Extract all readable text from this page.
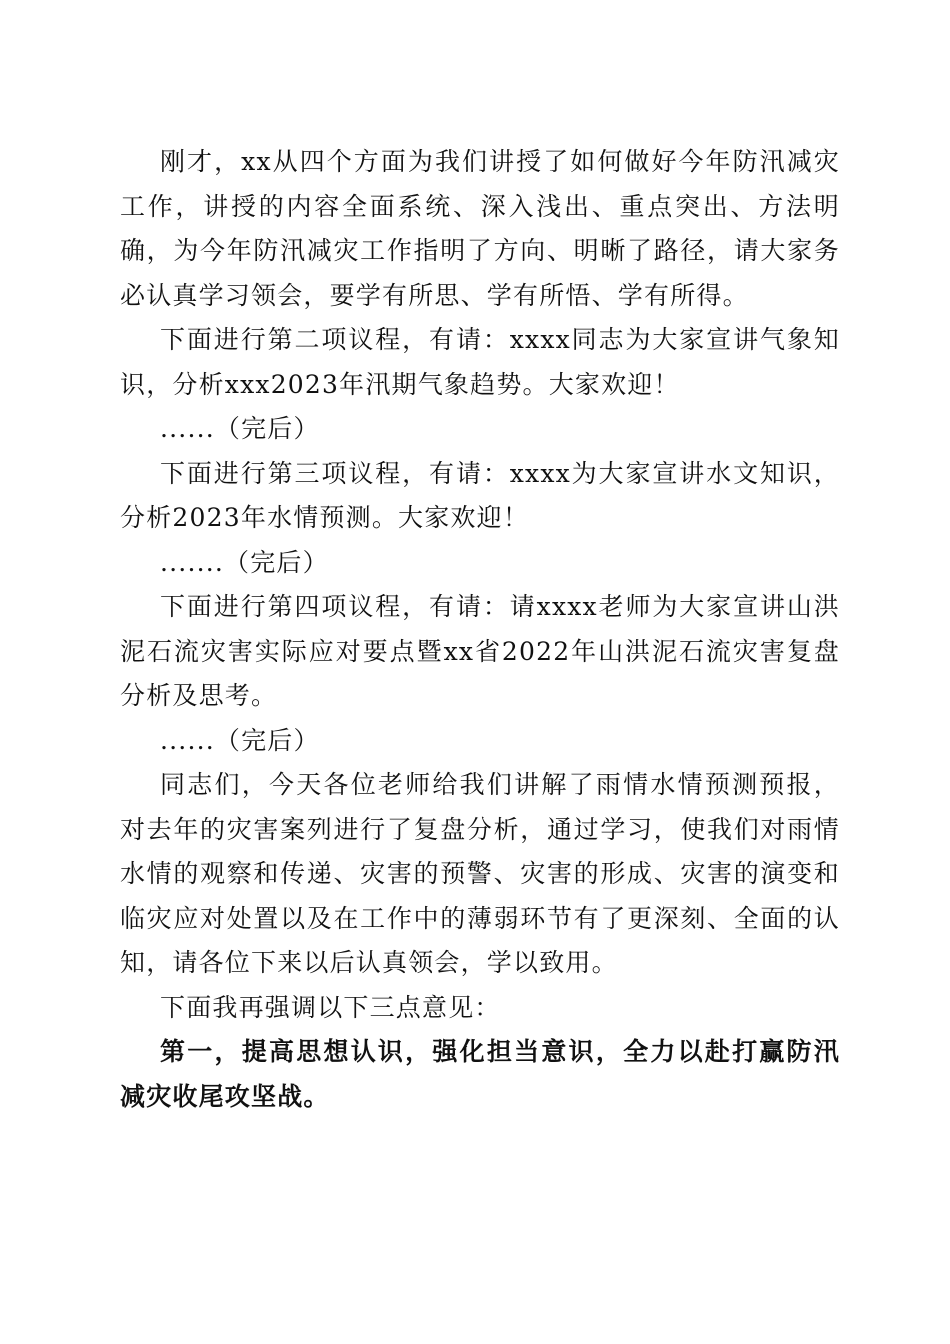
刚才，xx从四个方面为我们讲授了如何做好今年防汛减灾工作，讲授的内容全面系统、深入浅出、重点突出、方法明确，为今年防汛减灾工作指明了方向、明晰了路径，请大家务必认真学习领会，要学有所思、学有所悟、学有所得。

下面进行第二项议程，有请：xxxx同志为大家宣讲气象知识，分析xxx2023年汛期气象趋势。大家欢迎！

......（完后）

下面进行第三项议程，有请：xxxx为大家宣讲水文知识，分析2023年水情预测。大家欢迎！

.......（完后）

下面进行第四项议程，有请：请xxxx老师为大家宣讲山洪泥石流灾害实际应对要点暨xx省2022年山洪泥石流灾害复盘分析及思考。

......（完后）

同志们，今天各位老师给我们讲解了雨情水情预测预报，对去年的灾害案列进行了复盘分析，通过学习，使我们对雨情水情的观察和传递、灾害的预警、灾害的形成、灾害的演变和临灾应对处置以及在工作中的薄弱环节有了更深刻、全面的认知，请各位下来以后认真领会，学以致用。

下面我再强调以下三点意见：

第一，提高思想认识，强化担当意识，全力以赴打赢防汛减灾收尾攻坚战。
